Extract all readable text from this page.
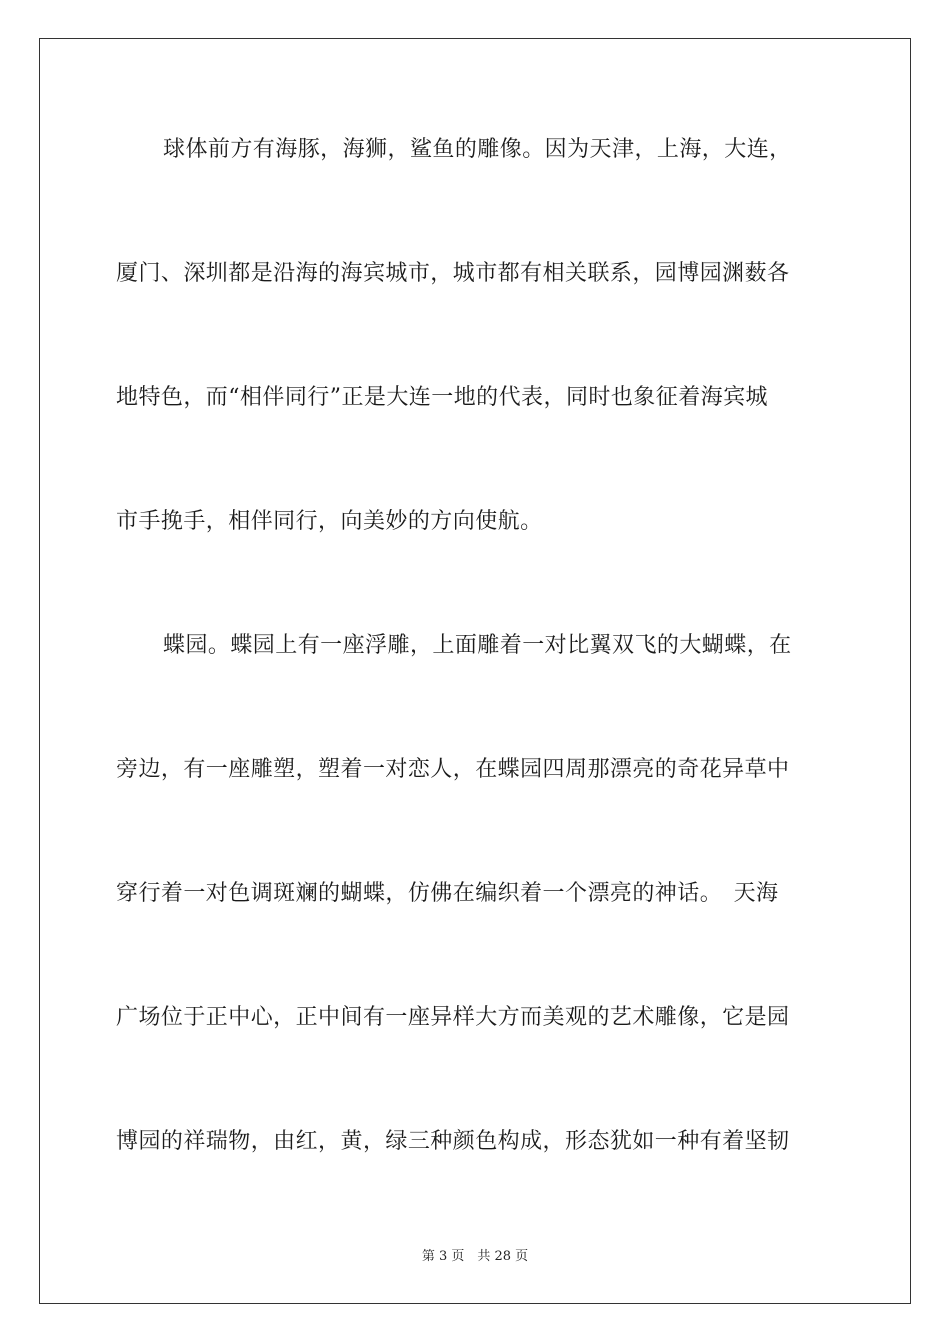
球体前方有海豚，海狮，鲨鱼的雕像。因为天津，上海，大连，
厦门、深圳都是沿海的海宾城市，城市都有相关联系，园博园渊薮各
地特色，而“相伴同行”正是大连一地的代表，同时也象征着海宾城
市手挽手，相伴同行，向美妙的方向使航。
蝶园。蝶园上有一座浮雕，上面雕着一对比翼双飞的大蝴蝶，在
旁边，有一座雕塑，塑着一对恋人，在蝶园四周那漂亮的奇花异草中
穿行着一对色调斑斓的蝴蝶，仿佛在编织着一个漂亮的神话。　天海
广场位于正中心，正中间有一座异样大方而美观的艺术雕像，它是园
博园的祥瑞物，由红，黄，绿三种颜色构成，形态犹如一种有着坚韧
第 3 页　共 28 页
